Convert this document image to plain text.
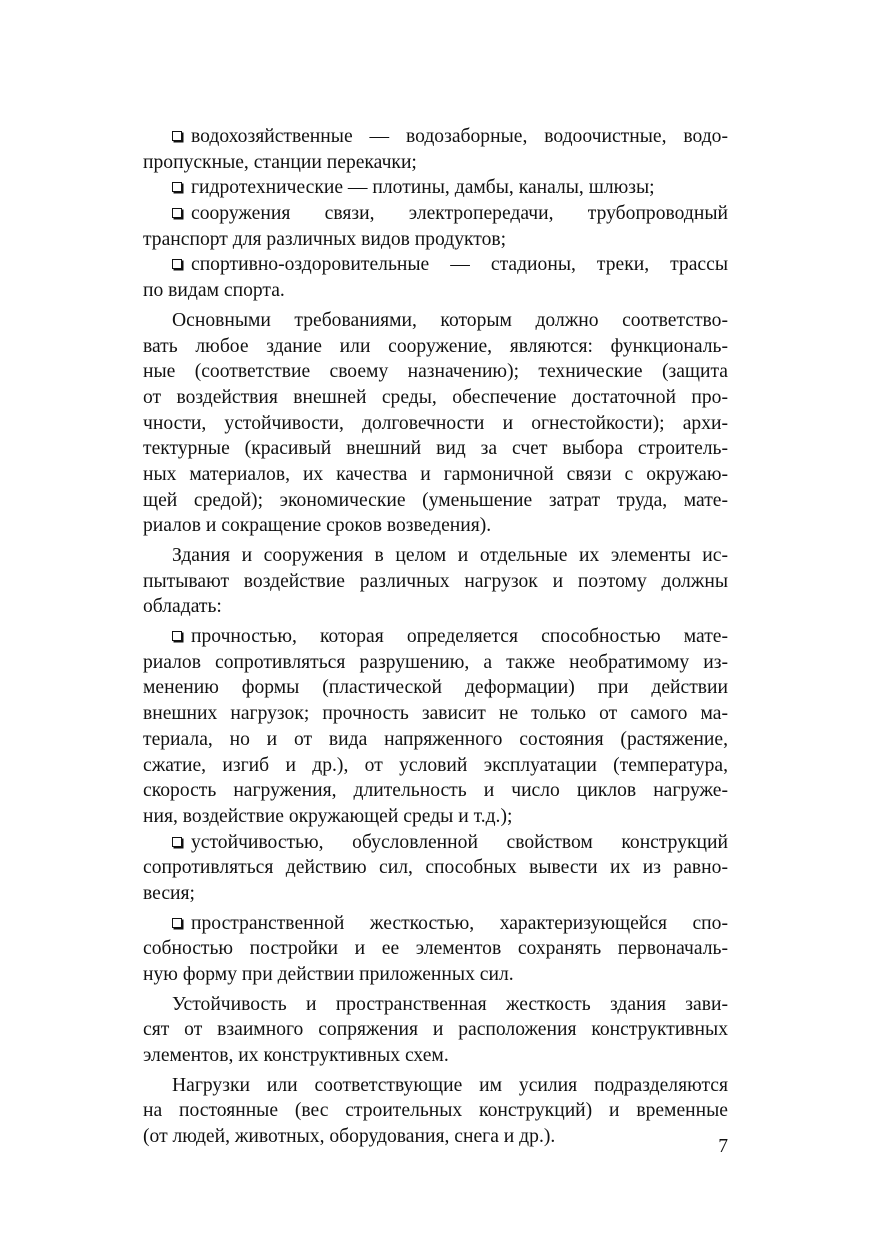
водохозяйственные — водозаборные, водоочистные, водо-
пропускные, станции перекачки;
гидротехнические — плотины, дамбы, каналы, шлюзы;
сооружения связи, электропередачи, трубопроводный
транспорт для различных видов продуктов;
спортивно-оздоровительные — стадионы, треки, трассы
по видам спорта.
Основными требованиями, которым должно соответство-
вать любое здание или сооружение, являются: функциональ-
ные (соответствие своему назначению); технические (защита
от воздействия внешней среды, обеспечение достаточной про-
чности, устойчивости, долговечности и огнестойкости); архи-
тектурные (красивый внешний вид за счет выбора строитель-
ных материалов, их качества и гармоничной связи с окружаю-
щей средой); экономические (уменьшение затрат труда, мате-
риалов и сокращение сроков возведения).
Здания и сооружения в целом и отдельные их элементы ис-
пытывают воздействие различных нагрузок и поэтому должны
обладать:
прочностью, которая определяется способностью мате-
риалов сопротивляться разрушению, а также необратимому из-
менению формы (пластической деформации) при действии
внешних нагрузок; прочность зависит не только от самого ма-
териала, но и от вида напряженного состояния (растяжение,
сжатие, изгиб и др.), от условий эксплуатации (температура,
скорость нагружения, длительность и число циклов нагруже-
ния, воздействие окружающей среды и т.д.);
устойчивостью, обусловленной свойством конструкций
сопротивляться действию сил, способных вывести их из равно-
весия;
пространственной жесткостью, характеризующейся спо-
собностью постройки и ее элементов сохранять первоначаль-
ную форму при действии приложенных сил.
Устойчивость и пространственная жесткость здания зави-
сят от взаимного сопряжения и расположения конструктивных
элементов, их конструктивных схем.
Нагрузки или соответствующие им усилия подразделяются
на постоянные (вес строительных конструкций) и временные
(от людей, животных, оборудования, снега и др.).	7
